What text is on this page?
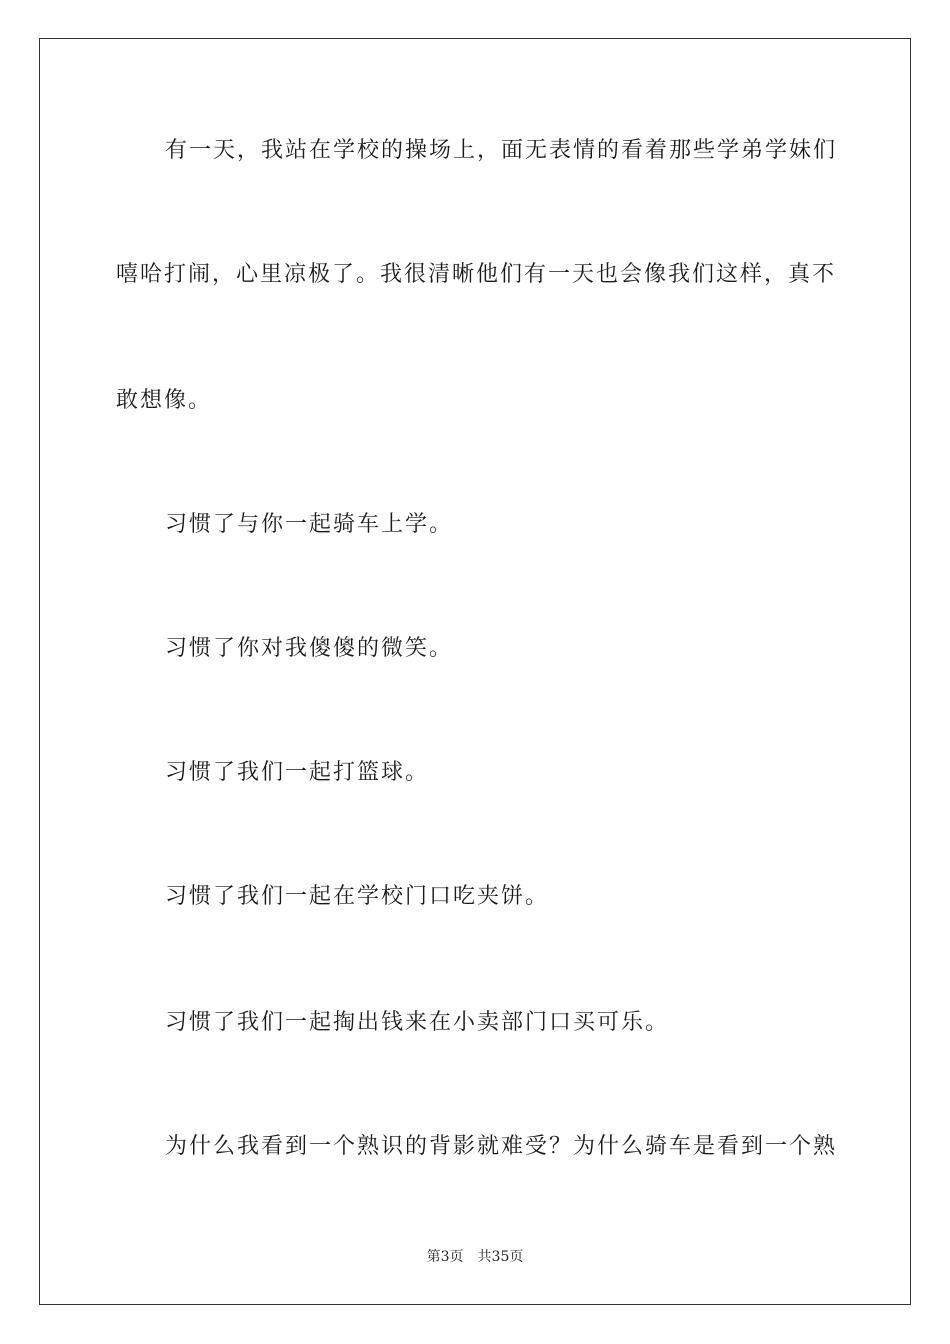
有一天，我站在学校的操场上，面无表情的看着那些学弟学妹们

嘻哈打闹，心里凉极了。我很清晰他们有一天也会像我们这样，真不

敢想像。

习惯了与你一起骑车上学。

习惯了你对我傻傻的微笑。

习惯了我们一起打篮球。

习惯了我们一起在学校门口吃夹饼。

习惯了我们一起掏出钱来在小卖部门口买可乐。

为什么我看到一个熟识的背影就难受？为什么骑车是看到一个熟

第3页 共35页
